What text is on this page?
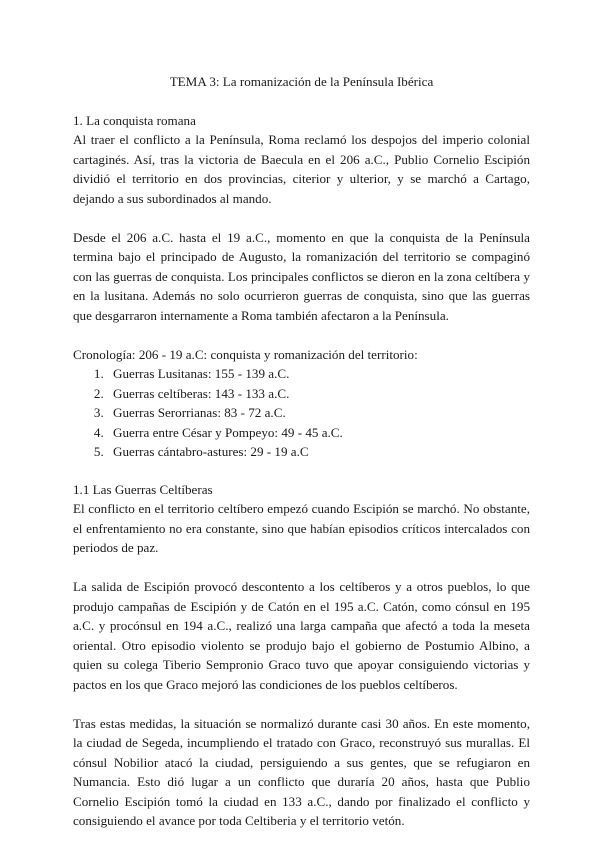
TEMA 3: La romanización de la Península Ibérica
1. La conquista romana

Al traer el conflicto a la Península, Roma reclamó los despojos del imperio colonial cartaginés. Así, tras la victoria de Baecula en el 206 a.C., Publio Cornelio Escipión dividió el territorio en dos provincias, citerior y ulterior, y se marchó a Cartago, dejando a sus subordinados al mando.

Desde el 206 a.C. hasta el 19 a.C., momento en que la conquista de la Península termina bajo el principado de Augusto, la romanización del territorio se compaginó con las guerras de conquista. Los principales conflictos se dieron en la zona celtíbera y en la lusitana. Además no solo ocurrieron guerras de conquista, sino que las guerras que desgarraron internamente a Roma también afectaron a la Península.

Cronología: 206 - 19 a.C: conquista y romanización del territorio:

1. Guerras Lusitanas: 155 - 139 a.C.
2. Guerras celtíberas: 143 - 133 a.C.
3. Guerras Serorrianas: 83 - 72 a.C.
4. Guerra entre César y Pompeyo: 49 - 45 a.C.
5. Guerras cántabro-astures: 29 - 19 a.C
1.1 Las Guerras Celtíberas

El conflicto en el territorio celtíbero empezó cuando Escipión se marchó. No obstante, el enfrentamiento no era constante, sino que habían episodios críticos intercalados con periodos de paz.

La salida de Escipión provocó descontento a los celtíberos y a otros pueblos, lo que produjo campañas de Escipión y de Catón en el 195 a.C. Catón, como cónsul en 195 a.C. y procónsul en 194 a.C., realizó una larga campaña que afectó a toda la meseta oriental. Otro episodio violento se produjo bajo el gobierno de Postumio Albino, a quien su colega Tiberio Sempronio Graco tuvo que apoyar consiguiendo victorias y pactos en los que Graco mejoró las condiciones de los pueblos celtíberos.

Tras estas medidas, la situación se normalizó durante casi 30 años. En este momento, la ciudad de Segeda, incumpliendo el tratado con Graco, reconstruyó sus murallas. El cónsul Nobilior atacó la ciudad, persiguiendo a sus gentes, que se refugiaron en Numancia. Esto dió lugar a un conflicto que duraría 20 años, hasta que Publio Cornelio Escipión tomó la ciudad en 133 a.C., dando por finalizado el conflicto y consiguiendo el avance por toda Celtiberia y el territorio vetón.
